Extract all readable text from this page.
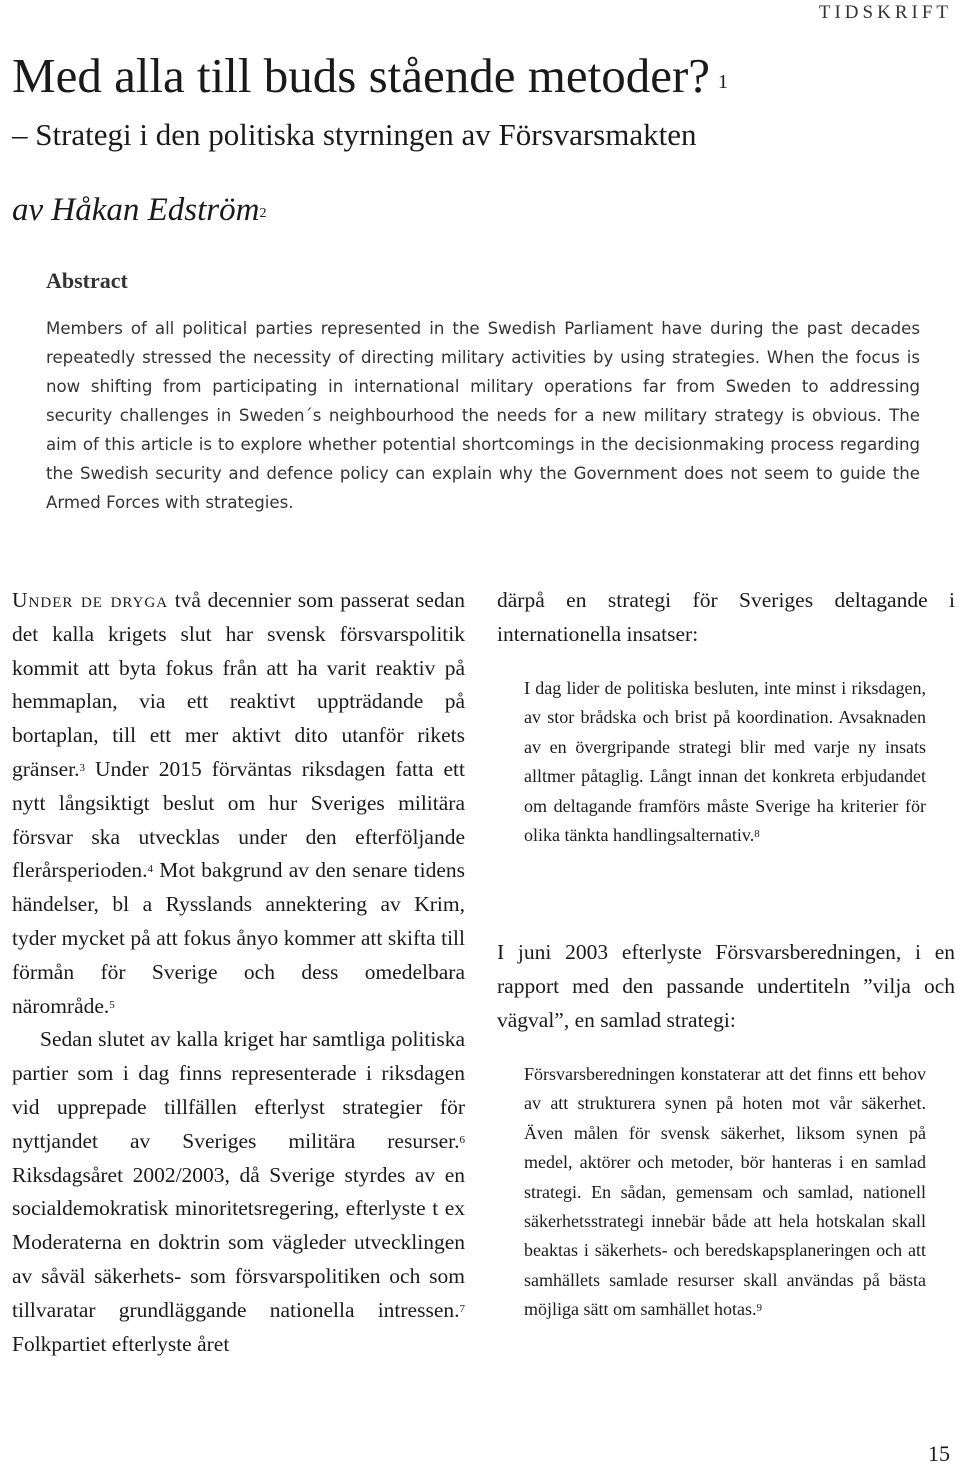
TIDSKRIFT
Med alla till buds stående metoder? $^1$
– Strategi i den politiska styrningen av Försvarsmakten
av Håkan Edström$^2$
Abstract

Members of all political parties represented in the Swedish Parliament have during the past decades repeatedly stressed the necessity of directing military activities by using strategies. When the focus is now shifting from participating in international military operations far from Sweden to addressing security challenges in Sweden´s neighbourhood the needs for a new military strategy is obvious. The aim of this article is to explore whether potential shortcomings in the decisionmaking process regarding the Swedish security and defence policy can explain why the Government does not seem to guide the Armed Forces with strategies.

Under de dryga två decennier som passerat sedan det kalla krigets slut har svensk försvarspolitik kommit att byta fokus från att ha varit reaktiv på hemmaplan, via ett reaktivt uppträdande på bortaplan, till ett mer aktivt dito utanför rikets gränser.$^3$ Under 2015 förväntas riksdagen fatta ett nytt långsiktigt beslut om hur Sveriges militära försvar ska utvecklas under den efterföljande flerårsperioden.$^4$ Mot bakgrund av den senare tidens händelser, bl a Rysslands annektering av Krim, tyder mycket på att fokus ånyo kommer att skifta till förmån för Sverige och dess omedelbara närområde.$^5$

Sedan slutet av kalla kriget har samtliga politiska partier som i dag finns representerade i riksdagen vid upprepade tillfällen efterlyst strategier för nyttjandet av Sveriges militära resurser.$^6$ Riksdagsåret 2002/2003, då Sverige styrdes av en socialdemokratisk minoritetsregering, efterlyste t ex Moderaterna en doktrin som vägleder utvecklingen av såväl säkerhets- som försvarspolitiken och som tillvaratar grundläggande nationella intressen.$^7$ Folkpartiet efterlyste året

därpå en strategi för Sveriges deltagande i internationella insatser:

I dag lider de politiska besluten, inte minst i riksdagen, av stor brådska och brist på koordination. Avsaknaden av en övergripande strategi blir med varje ny insats alltmer påtaglig. Långt innan det konkreta erbjudandet om deltagande framförs måste Sverige ha kriterier för olika tänkta handlingsalternativ.$^8$

I juni 2003 efterlyste Försvarsberedningen, i en rapport med den passande undertiteln ”vilja och vägval”, en samlad strategi:

Försvarsberedningen konstaterar att det finns ett behov av att strukturera synen på hoten mot vår säkerhet. Även målen för svensk säkerhet, liksom synen på medel, aktörer och metoder, bör hanteras i en samlad strategi. En sådan, gemensam och samlad, nationell säkerhetsstrategi innebär både att hela hotskalan skall beaktas i säkerhets- och beredskapsplaneringen och att samhällets samlade resurser skall användas på bästa möjliga sätt om samhället hotas.$^9$
15
